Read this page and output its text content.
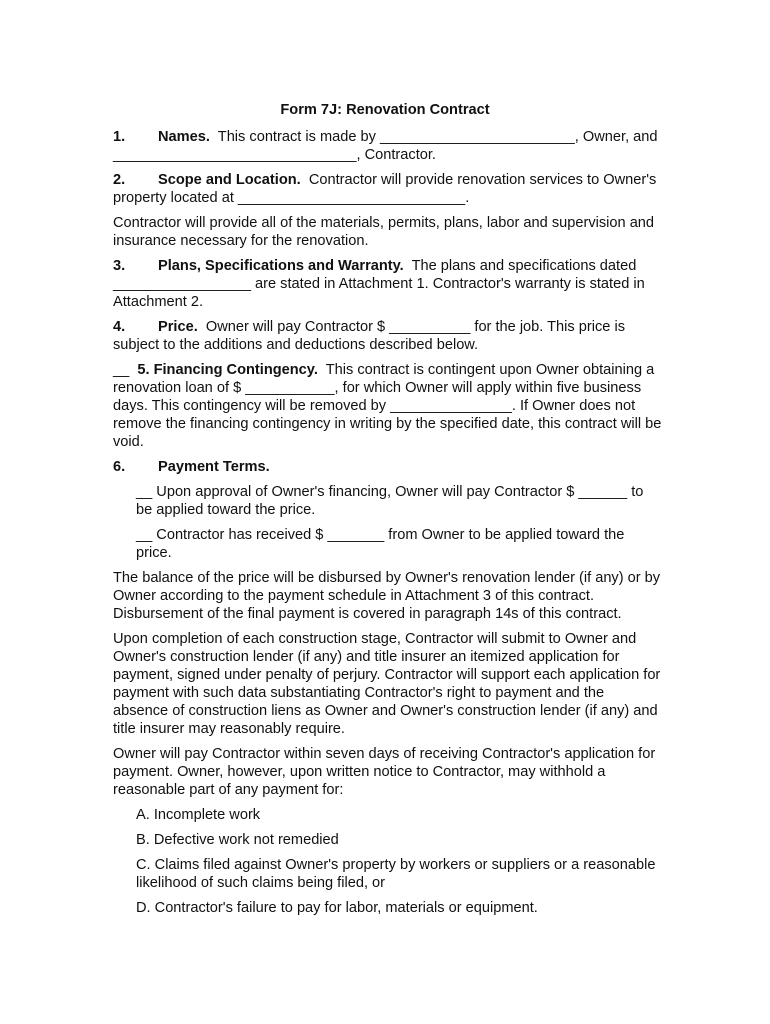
Form 7J: Renovation Contract

1. Names. This contract is made by ________________________, Owner, and ______________________________, Contractor.

2. Scope and Location. Contractor will provide renovation services to Owner's property located at ____________________________.

Contractor will provide all of the materials, permits, plans, labor and supervision and insurance necessary for the renovation.

3. Plans, Specifications and Warranty. The plans and specifications dated _________________ are stated in Attachment 1. Contractor's warranty is stated in Attachment 2.

4. Price. Owner will pay Contractor $ __________ for the job. This price is subject to the additions and deductions described below.

__ 5. Financing Contingency. This contract is contingent upon Owner obtaining a renovation loan of $ ___________, for which Owner will apply within five business days. This contingency will be removed by _______________. If Owner does not remove the financing contingency in writing by the specified date, this contract will be void.

6. Payment Terms.

__ Upon approval of Owner's financing, Owner will pay Contractor $ ______ to be applied toward the price.

__ Contractor has received $ _______ from Owner to be applied toward the price.

The balance of the price will be disbursed by Owner's renovation lender (if any) or by Owner according to the payment schedule in Attachment 3 of this contract. Disbursement of the final payment is covered in paragraph 14s of this contract.

Upon completion of each construction stage, Contractor will submit to Owner and Owner's construction lender (if any) and title insurer an itemized application for payment, signed under penalty of perjury. Contractor will support each application for payment with such data substantiating Contractor's right to payment and the absence of construction liens as Owner and Owner's construction lender (if any) and title insurer may reasonably require.

Owner will pay Contractor within seven days of receiving Contractor's application for payment. Owner, however, upon written notice to Contractor, may withhold a reasonable part of any payment for:

A. Incomplete work

B. Defective work not remedied

C. Claims filed against Owner's property by workers or suppliers or a reasonable likelihood of such claims being filed, or

D. Contractor's failure to pay for labor, materials or equipment.
